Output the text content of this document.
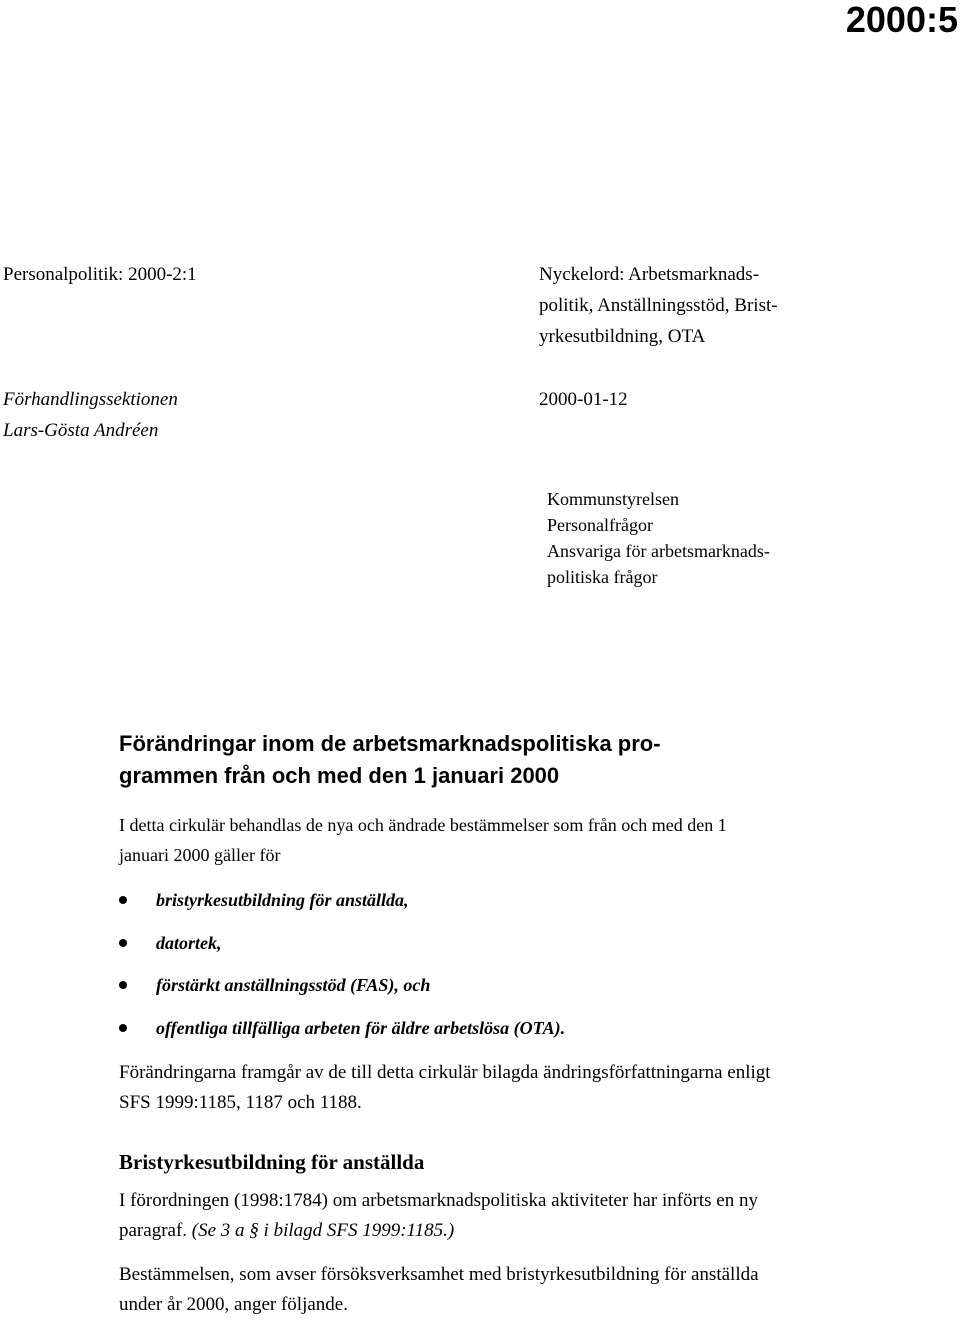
2000:5
Personalpolitik: 2000-2:1	Nyckelord: Arbetsmarknads-
politik, Anställningsstöd, Brist-
yrkesutbildning, OTA
Förhandlingssektionen
Lars-Gösta Andréen
2000-01-12
Kommunstyrelsen
Personalfrågor
Ansvariga för arbetsmarknads-
politiska frågor
Förändringar inom de arbetsmarknadspolitiska pro-
grammen från och med den 1 januari 2000
I detta cirkulär behandlas de nya och ändrade bestämmelser som från och med den 1
januari 2000 gäller för
bristyrkesutbildning för anställda,
datortek,
förstärkt anställningsstöd (FAS), och
offentliga tillfälliga arbeten för äldre arbetslösa (OTA).
Förändringarna framgår av de till detta cirkulär bilagda ändringsförfattningarna enligt
SFS 1999:1185, 1187 och 1188.
Bristyrkesutbildning för anställda
I förordningen (1998:1784) om arbetsmarknadspolitiska aktiviteter har införts en ny
paragraf. (Se 3 a § i bilagd SFS 1999:1185.)
Bestämmelsen, som avser försöksverksamhet med bristyrkesutbildning för anställda
under år 2000, anger följande.
